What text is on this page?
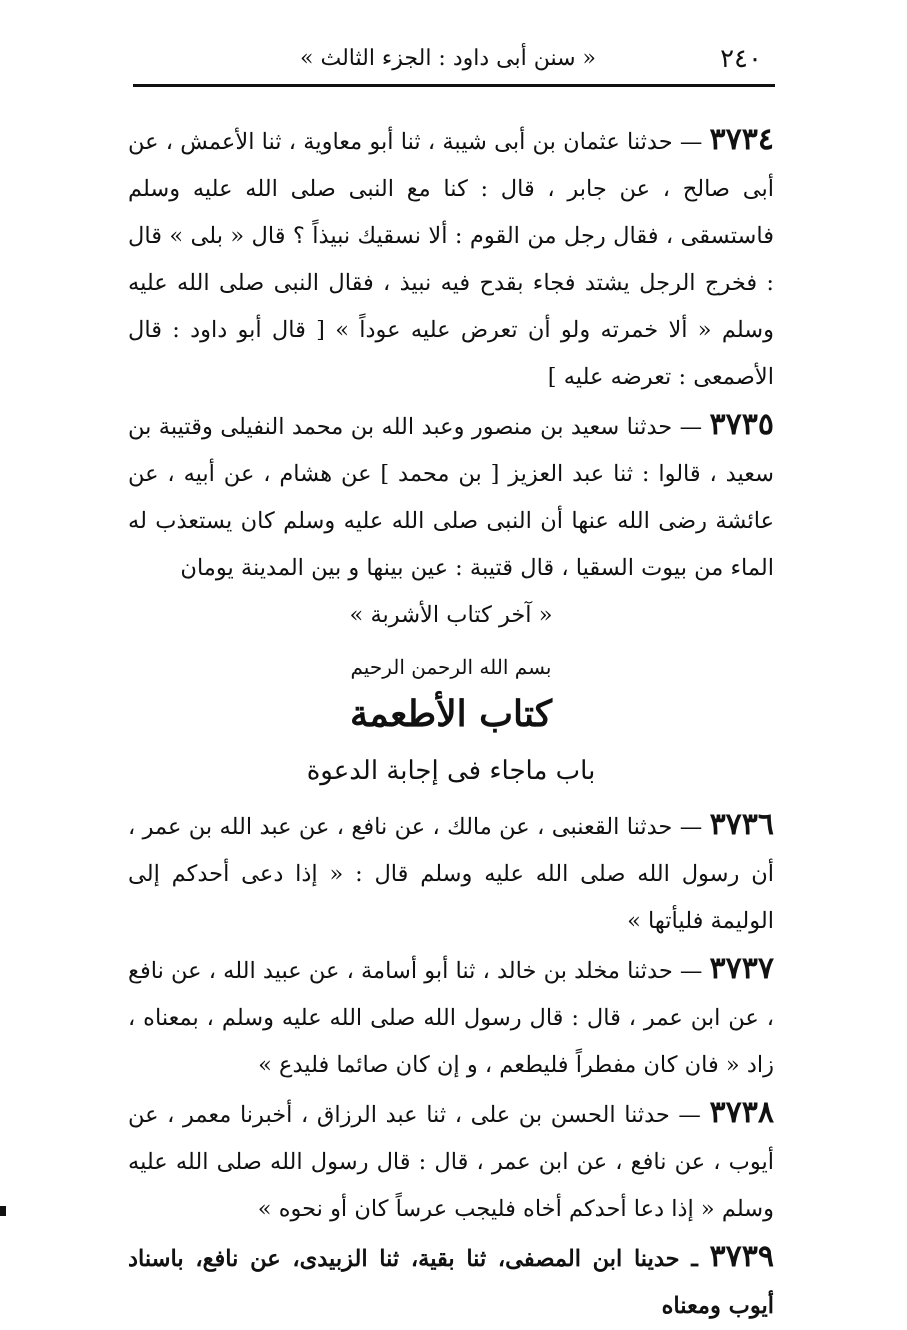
٢٤٠
« سنن أبى داود : الجزء الثالث »

٣٧٣٤ — حدثنا عثمان بن أبى شيبة ، ثنا أبو معاوية ، ثنا الأعمش ، عن أبى صالح ، عن جابر ، قال : كنا مع النبى صلى الله عليه وسلم فاستسقى ، فقال رجل من القوم : ألا نسقيك نبيذاً ؟ قال « بلى » قال : فخرج الرجل يشتد فجاء بقدح فيه نبيذ ، فقال النبى صلى الله عليه وسلم « ألا خمرته ولو أن تعرض عليه عوداً » [ قال أبو داود : قال الأصمعى : تعرضه عليه ]

٣٧٣٥ — حدثنا سعيد بن منصور وعبد الله بن محمد النفيلى وقتيبة بن سعيد ، قالوا : ثنا عبد العزيز [ بن محمد ] عن هشام ، عن أبيه ، عن عائشة رضى الله عنها أن النبى صلى الله عليه وسلم كان يستعذب له الماء من بيوت السقيا ، قال قتيبة : عين بينها و بين المدينة يومان

« آخر كتاب الأشربة »

بسم الله الرحمن الرحيم

كتاب الأطعمة

باب ماجاء فى إجابة الدعوة

٣٧٣٦ — حدثنا القعنبى ، عن مالك ، عن نافع ، عن عبد الله بن عمر ، أن رسول الله صلى الله عليه وسلم قال : « إذا دعى أحدكم إلى الوليمة فليأتها »

٣٧٣٧ — حدثنا مخلد بن خالد ، ثنا أبو أسامة ، عن عبيد الله ، عن نافع ، عن ابن عمر ، قال : قال رسول الله صلى الله عليه وسلم ، بمعناه ، زاد « فان كان مفطراً فليطعم ، و إن كان صائما فليدع »

٣٧٣٨ — حدثنا الحسن بن على ، ثنا عبد الرزاق ، أخبرنا معمر ، عن أيوب ، عن نافع ، عن ابن عمر ، قال : قال رسول الله صلى الله عليه وسلم « إذا دعا أحدكم أخاه فليجب عرساً كان أو نحوه »

٣٧٣٩ ـ حدينا ابن المصفى، ثنا بقية، ثنا الزبيدى، عن نافع، باسناد أيوب ومعناه
